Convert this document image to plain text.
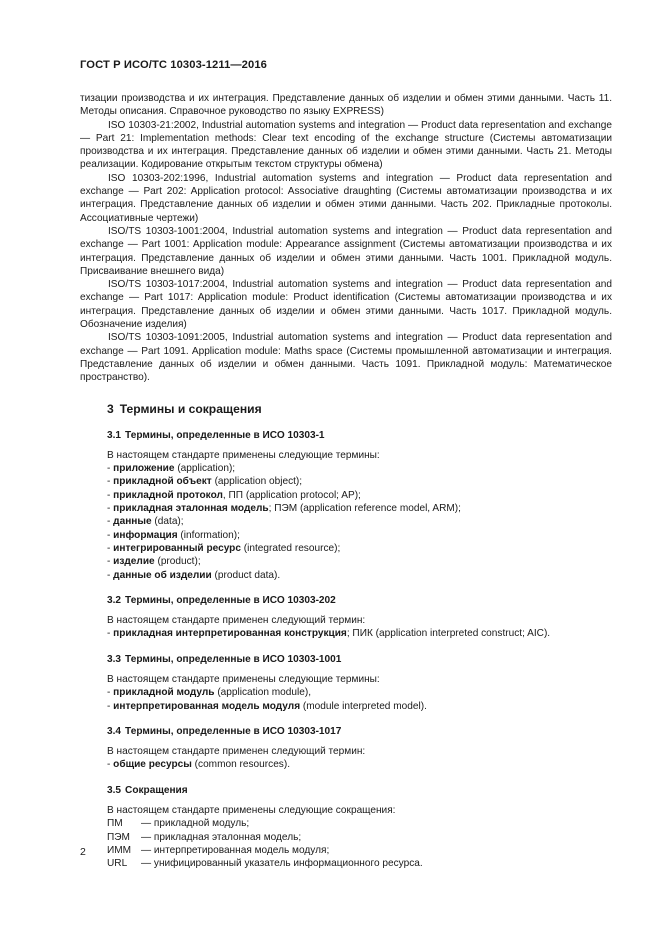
ГОСТ Р ИСО/ТС 10303-1211—2016

тизации производства и их интеграция. Представление данных об изделии и обмен этими данными. Часть 11. Методы описания. Справочное руководство по языку EXPRESS)

ISO 10303-21:2002, Industrial automation systems and integration — Product data representation and exchange — Part 21: Implementation methods: Clear text encoding of the exchange structure (Системы автоматизации производства и их интеграция. Представление данных об изделии и обмен этими данными. Часть 21. Методы реализации. Кодирование открытым текстом структуры обмена)

ISO 10303-202:1996, Industrial automation systems and integration — Product data representation and exchange — Part 202: Application protocol: Associative draughting (Системы автоматизации производства и их интеграция. Представление данных об изделии и обмен этими данными. Часть 202. Прикладные протоколы. Ассоциативные чертежи)

ISO/TS 10303-1001:2004, Industrial automation systems and integration — Product data representation and exchange — Part 1001: Application module: Appearance assignment (Системы автоматизации производства и их интеграция. Представление данных об изделии и обмен этими данными. Часть 1001. Прикладной модуль. Присваивание внешнего вида)

ISO/TS 10303-1017:2004, Industrial automation systems and integration — Product data representation and exchange — Part 1017: Application module: Product identification (Системы автоматизации производства и их интеграция. Представление данных об изделии и обмен этими данными. Часть 1017. Прикладной модуль. Обозначение изделия)

ISO/TS 10303-1091:2005, Industrial automation systems and integration — Product data representation and exchange — Part 1091. Application module: Maths space (Системы промышленной автоматизации и интеграция. Представление данных об изделии и обмен данными. Часть 1091. Прикладной модуль: Математическое пространство).

3 Термины и сокращения
3.1 Термины, определенные в ИСО 10303-1
В настоящем стандарте применены следующие термины:
- приложение (application);
- прикладной объект (application object);
- прикладной протокол, ПП (application protocol; AP);
- прикладная эталонная модель; ПЭМ (application reference model, ARM);
- данные (data);
- информация (information);
- интегрированный ресурс (integrated resource);
- изделие (product);
- данные об изделии (product data).
3.2 Термины, определенные в ИСО 10303-202
В настоящем стандарте применен следующий термин:
- прикладная интерпретированная конструкция; ПИК (application interpreted construct; AIC).
3.3 Термины, определенные в ИСО 10303-1001
В настоящем стандарте применены следующие термины:
- прикладной модуль (application module),
- интерпретированная модель модуля (module interpreted model).
3.4 Термины, определенные в ИСО 10303-1017
В настоящем стандарте применен следующий термин:
- общие ресурсы (common resources).
3.5 Сокращения
В настоящем стандарте применены следующие сокращения:
ПМ	— прикладной модуль;
ПЭМ	— прикладная эталонная модель;
ИММ — интерпретированная модель модуля;
URL	— унифицированный указатель информационного ресурса.
2
